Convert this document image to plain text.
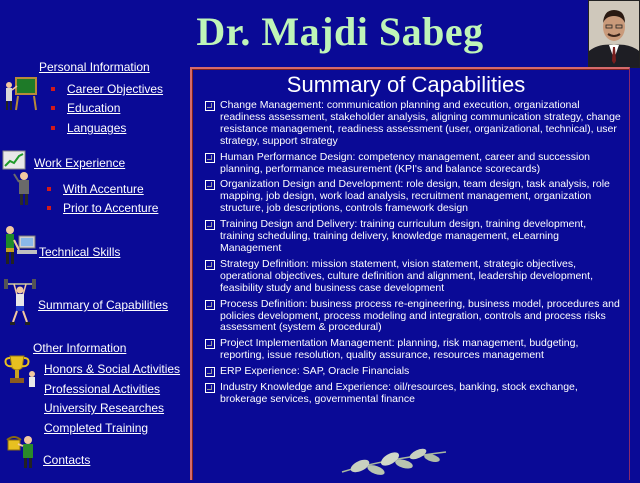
Dr. Majdi Sabeg
Personal Information
Career Objectives
Education
Languages
Work Experience
With Accenture
Prior to Accenture
Technical Skills
Summary of Capabilities
Other Information
Honors & Social Activities
Professional Activities
University Researches
Completed Training
Contacts
Summary of Capabilities
Change Management: communication planning and execution, organizational readiness assessment, stakeholder analysis, aligning communication strategy, change resistance management, readiness assessment (user, organizational, technical), user strategy, support strategy
Human Performance Design: competency management, career and succession planning, performance measurement (KPI's and balance scorecards)
Organization Design and Development: role design, team design, task analysis, role mapping, job design, work load analysis, recruitment management, organization structure, job descriptions, controls framework design
Training Design and Delivery: training curriculum design, training development, training scheduling, training delivery, knowledge management, eLearning Management
Strategy Definition: mission statement, vision statement, strategic objectives, operational objectives, culture definition and alignment, leadership development, feasibility study and business case development
Process Definition: business process re-engineering, business model, procedures and policies development, process modeling and integration, controls and process risks assessment (system & procedural)
Project Implementation Management: planning, risk management, budgeting, reporting, issue resolution, quality assurance, resources management
ERP Experience: SAP, Oracle Financials
Industry Knowledge and Experience: oil/resources, banking, stock exchange, brokerage services, governmental finance
